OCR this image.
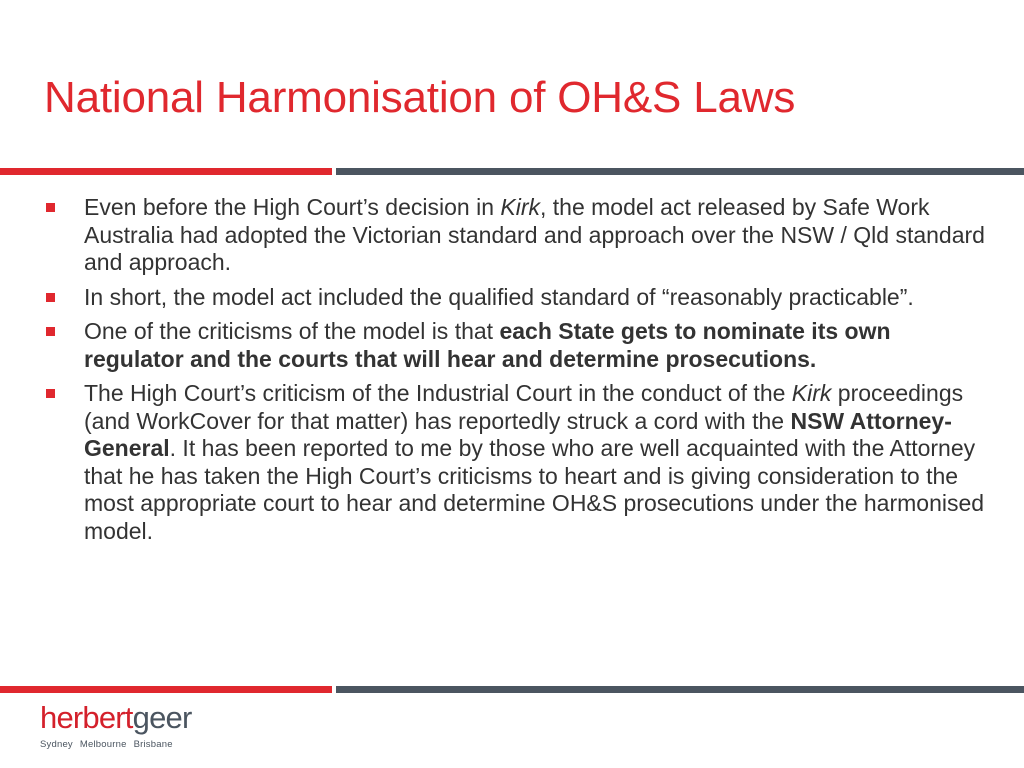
National Harmonisation of OH&S Laws
Even before the High Court’s decision in Kirk, the model act released by Safe Work Australia had adopted the Victorian standard and approach over the NSW / Qld standard and approach.
In short, the model act included the qualified standard of “reasonably practicable”.
One of the criticisms of the model is that each State gets to nominate its own regulator and the courts that will hear and determine prosecutions.
The High Court’s criticism of the Industrial Court in the conduct of the Kirk proceedings (and WorkCover for that matter) has reportedly struck a cord with the NSW Attorney-General. It has been reported to me by those who are well acquainted with the Attorney that he has taken the High Court’s criticisms to heart and is giving consideration to the most appropriate court to hear and determine OH&S prosecutions under the harmonised model.
herbertgeer
Sydney Melbourne Brisbane
